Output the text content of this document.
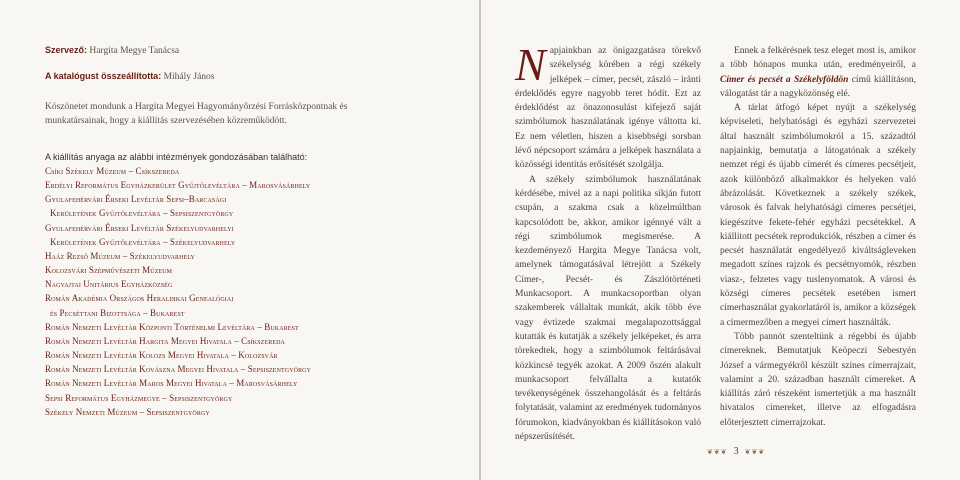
Szervező: Hargita Megye Tanácsa
A katalógust összeállította: Mihály János
Köszönetet mondunk a Hargita Megyei Hagyományőrzési Forrásközpontnak és munkatársainak, hogy a kiállítás szervezésében közreműködött.
A kiállítás anyaga az alábbi intézmények gondozásában található:
Csíki Székely Múzeum – Csíkszereda
Erdélyi Református Egyházkerület Gyűjtőlevéltára – Marosvásárhely
Gyulafehérvári Érseki Levéltár Sepsi–Barcasági
Kerületének Gyűjtőlevéltára – Sepsiszentgyörgy
Gyulafehérvári Érseki Levéltár Székelyudvarhelyi
Kerületének Gyűjtőlevéltára – Székelyudvarhely
Haáz Rezső Múzeum – Székelyudvarhely
Kolozsvári Szépművészeti Múzeum
Nagyajtai Unitárius Egyházközség
Román Akadémia Országos Heraldikai Genealógiai
és Pecséttani Bizottsága – Bukarest
Román Nemzeti Levéltár Központi Történelmi Levéltára – Bukarest
Román Nemzeti Levéltár Hargita Megyei Hivatala – Csíkszereda
Román Nemzeti Levéltár Kolozs Megyei Hivatala – Kolozsvár
Román Nemzeti Levéltár Kovászna Megyei Hivatala – Sepsiszentgyörgy
Román Nemzeti Levéltár Maros Megyei Hivatala – Marosvásárhely
Sepsi Református Egyházmegye – Sepsiszentgyörgy
Székely Nemzeti Múzeum – Sepsiszentgyörgy

Napjainkban az önigazgatásra törekvő székelység körében a régi székely jelképek – címer, pecsét, zászló – iránti érdeklődés egyre nagyobb teret hódít. Ezt az érdeklődést az önazonosulást kifejező saját szimbólumok használatának igénye váltotta ki. Ez nem véletlen, hiszen a kisebbségi sorsban lévő népcsoport számára a jelképek használata a közösségi identitás erősítését szolgálja.

A székely szimbólumok használatának kérdésébe, mivel az a napi politika síkján futott csupán, a szakma csak a közelmúltban kapcsolódott be, akkor, amikor igénnyé vált a régi szimbólumok megismerése. A kezdeményező Hargita Megye Tanácsa volt, amelynek támogatásával létrejött a Székely Címer-, Pecsét- és Zászlótörténeti Munkacsoport. A munkacsoportban olyan szakemberek vállaltak munkát, akik több éve vagy évtizede szakmai megalapozottsággal kutatták és kutatják a székely jelképeket, és arra törekedtek, hogy a szimbólumok feltárásával közkincsé tegyék azokat. A 2009 őszén alakult munkacsoport felvállalta a kutatók tevékenységének összehangolását és a feltárás folytatását, valamint az eredmények tudományos fórumokon, kiadványokban és kiállításokon való népszerűsítését.

Ennek a felkérésnek tesz eleget most is, amikor a több hónapos munka után, eredményeiről, a Címer és pecsét a Székelyföldön című kiállításon, válogatást tár a nagyközönség elé.

A tárlat átfogó képet nyújt a székelység képviseleti, helyhatósági és egyházi szervezetei által használt szimbólumokról a 15. századtól napjainkig, bemutatja a látogatónak a székely nemzet régi és újabb címerét és címeres pecsétjeit, azok különböző alkalmakkor és helyeken való ábrázolását. Következnek a székely székek, városok és falvak helyhatósági címeres pecsétjei, kiegészítve fekete-fehér egyházi pecsétekkel. A kiállított pecsétek reprodukciók, részben a címer és pecsét használatát engedélyező kiváltságleveken megadott színes rajzok és pecsétnyomók, részben viasz-, felzetes vagy tuslenyomatok. A városi és községi címeres pecsétek esetében ismert címerhasználat gyakorlatáról is, amikor a községek a címermezőben a megyei címert használták.

Több pannót szenteltünk a régebbi és újabb címereknek. Bemutatjuk Keöpeczi Sebestyén József a vármegyékről készült színes címerrajzait, valamint a 20. században használt címereket. A kiállítás záró részeként ismertetjük a ma használt hivatalos címereket, illetve az elfogadásra előterjesztett címerrajzokat.

❦❦❦ 3 ❦❦❦
